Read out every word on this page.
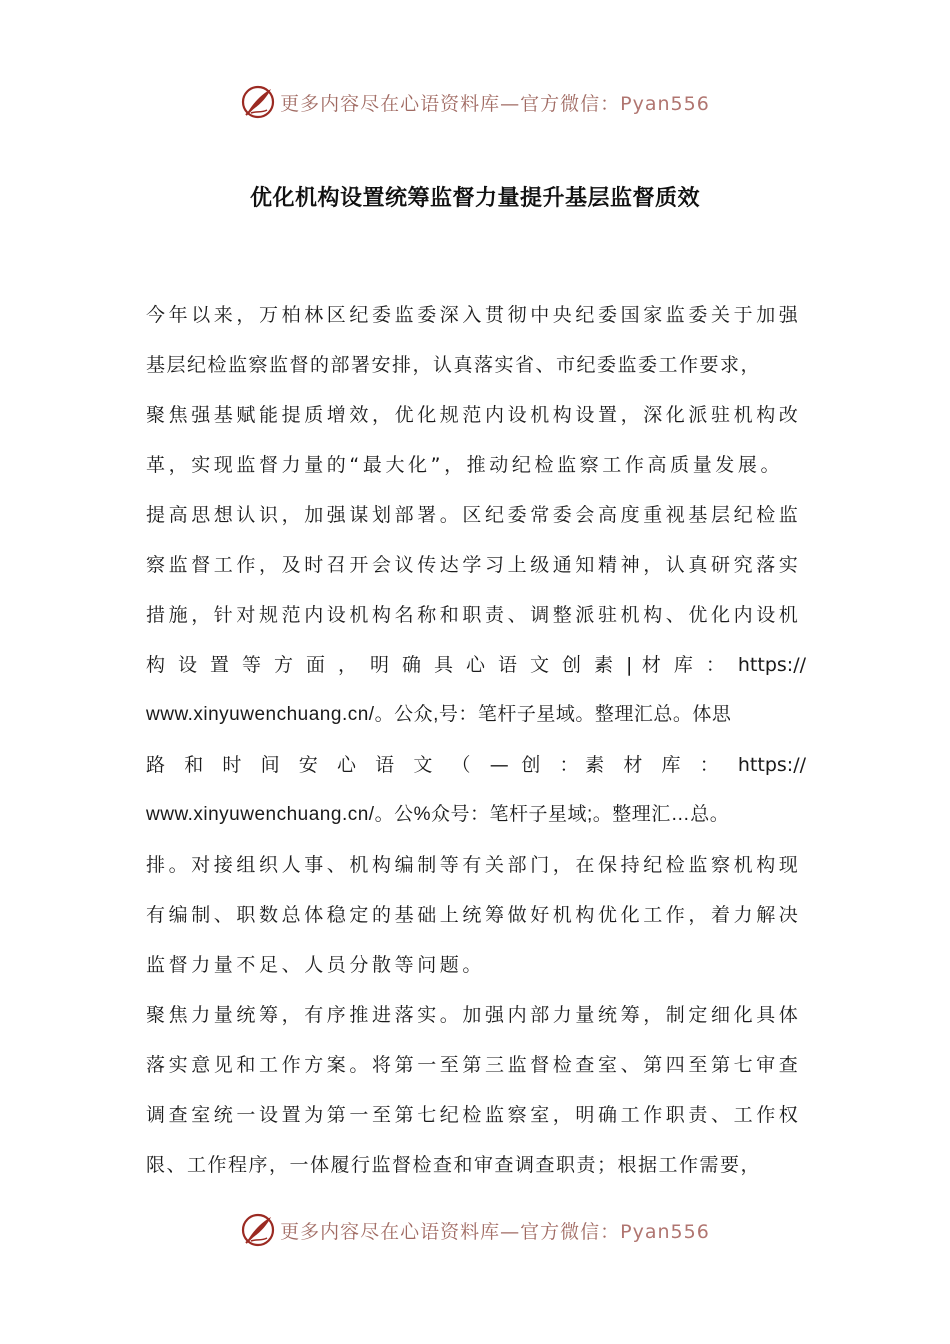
更多内容尽在心语资料库—官方微信：Pyan556
优化机构设置统筹监督力量提升基层监督质效
今年以来，万柏林区纪委监委深入贯彻中央纪委国家监委关于加强
基层纪检监察监督的部署安排，认真落实省、市纪委监委工作要求，
聚焦强基赋能提质增效，优化规范内设机构设置，深化派驻机构改
革，实现监督力量的“最大化”，推动纪检监察工作高质量发展。
提高思想认识，加强谋划部署。区纪委常委会高度重视基层纪检监
察监督工作，及时召开会议传达学习上级通知精神，认真研究落实
措施，针对规范内设机构名称和职责、调整派驻机构、优化内设机
构 设 置 等 方 面 ， 明 确 具 心 语 文 创 素 | 材 库 ： https://
www.xinyuwenchuang.cn/。公众,号：笔杆子星域。整理汇总。体思
路 和 时 间 安 心 语 文 （ — 创 ：素 材 库 ： https://
www.xinyuwenchuang.cn/。公%众号：笔杆子星域;。整理汇…总。
排。对接组织人事、机构编制等有关部门，在保持纪检监察机构现
有编制、职数总体稳定的基础上统筹做好机构优化工作，着力解决
监督力量不足、人员分散等问题。
聚焦力量统筹，有序推进落实。加强内部力量统筹，制定细化具体
落实意见和工作方案。将第一至第三监督检查室、第四至第七审查
调查室统一设置为第一至第七纪检监察室，明确工作职责、工作权
限、工作程序，一体履行监督检查和审查调查职责；根据工作需要，
更多内容尽在心语资料库—官方微信：Pyan556
